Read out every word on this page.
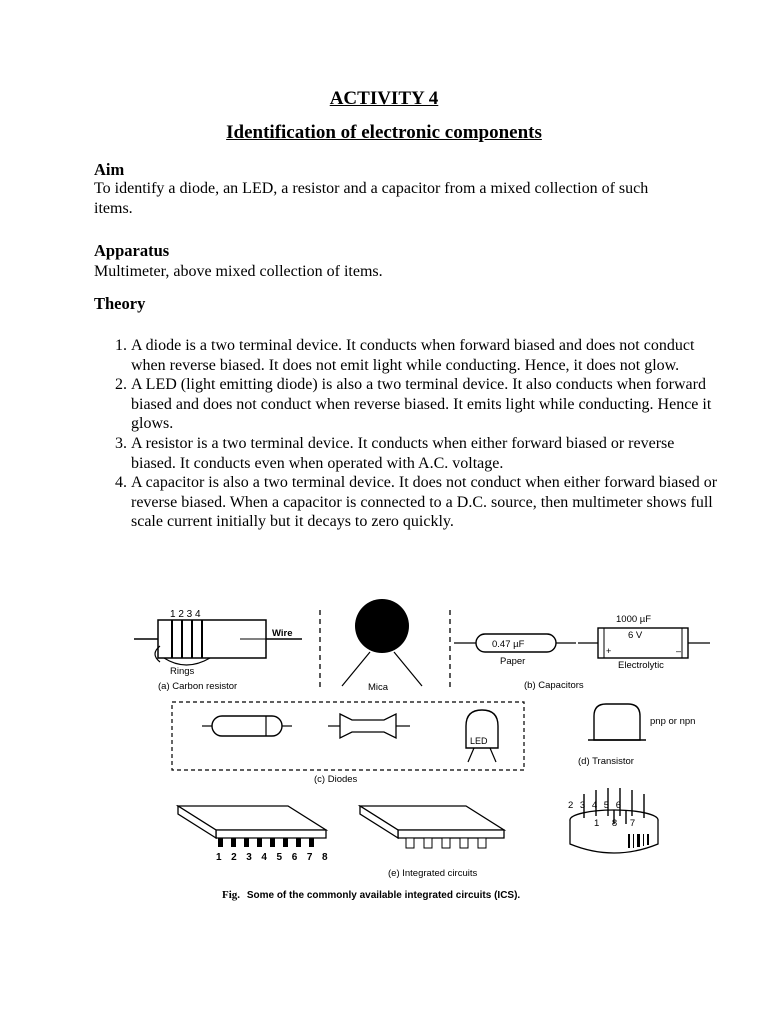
ACTIVITY 4
Identification of electronic components
Aim
To identify a diode, an LED, a resistor and a capacitor from a mixed collection of such items.
Apparatus
Multimeter, above mixed collection of items.
Theory
1. A diode is a two terminal device. It conducts when forward biased and does not conduct when reverse biased. It does not emit light while conducting. Hence, it does not glow.
2. A LED (light emitting diode) is also a two terminal device. It also conducts when forward biased and does not conduct when reverse biased. It emits light while conducting. Hence it glows.
3. A resistor is a two terminal device. It conducts when either forward biased or reverse biased. It conducts even when operated with A.C. voltage.
4. A capacitor is also a two terminal device. It does not conduct when either forward biased or reverse biased. When a capacitor is connected to a D.C. source, then multimeter shows full scale current initially but it decays to zero quickly.
1 2 3 4
Wire
Rings
(a) Carbon resistor	Mica
0.47 µF
Paper
(b) Capacitors
1000 µF
6 V
+	–
Electrolytic
LED
(c) Diodes
pnp or npn
(d) Transistor
1 2 3 4 5 6 7 8
(e) Integrated circuits
2 3 4 5 6
1 8 7
Fig. Some of the commonly available integrated circuits (ICS).
